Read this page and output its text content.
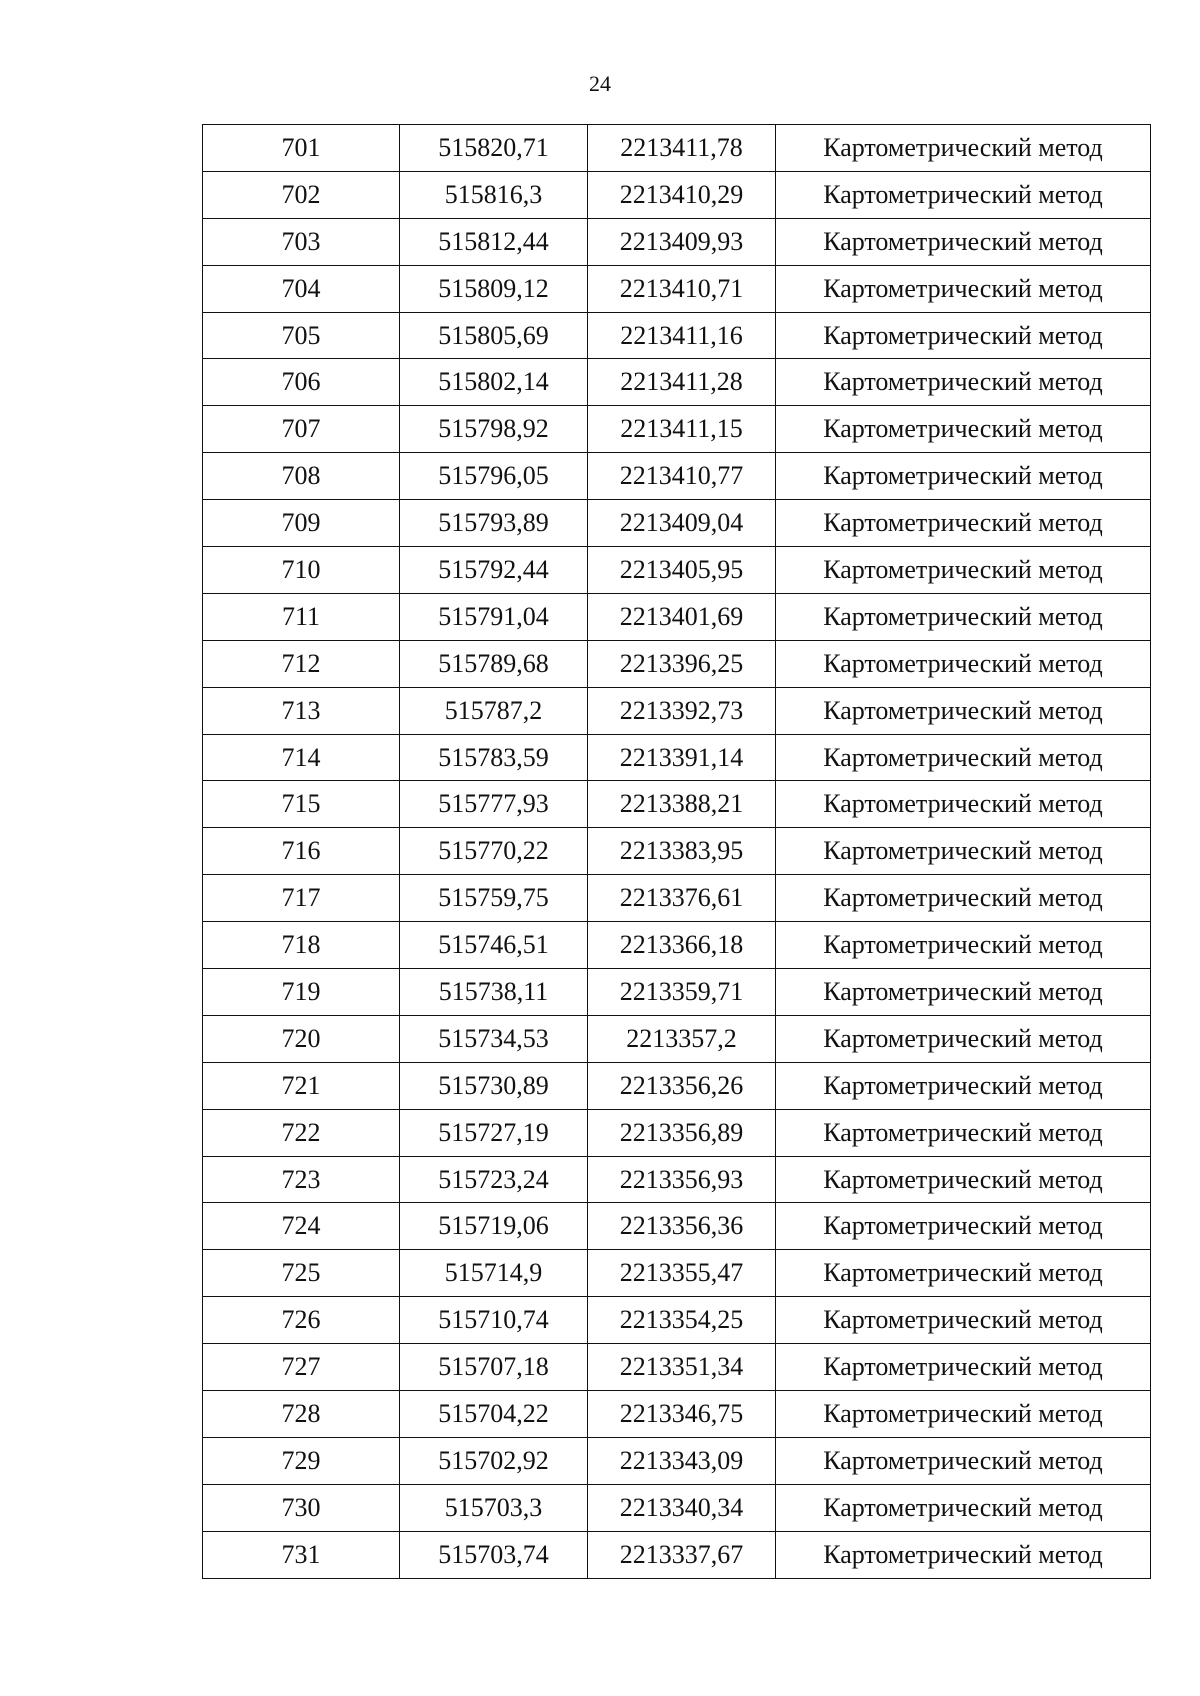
24
701	515820,71	2213411,78	Картометрический метод
702	515816,3	2213410,29	Картометрический метод
703	515812,44	2213409,93	Картометрический метод
704	515809,12	2213410,71	Картометрический метод
705	515805,69	2213411,16	Картометрический метод
706	515802,14	2213411,28	Картометрический метод
707	515798,92	2213411,15	Картометрический метод
708	515796,05	2213410,77	Картометрический метод
709	515793,89	2213409,04	Картометрический метод
710	515792,44	2213405,95	Картометрический метод
711	515791,04	2213401,69	Картометрический метод
712	515789,68	2213396,25	Картометрический метод
713	515787,2	2213392,73	Картометрический метод
714	515783,59	2213391,14	Картометрический метод
715	515777,93	2213388,21	Картометрический метод
716	515770,22	2213383,95	Картометрический метод
717	515759,75	2213376,61	Картометрический метод
718	515746,51	2213366,18	Картометрический метод
719	515738,11	2213359,71	Картометрический метод
720	515734,53	2213357,2	Картометрический метод
721	515730,89	2213356,26	Картометрический метод
722	515727,19	2213356,89	Картометрический метод
723	515723,24	2213356,93	Картометрический метод
724	515719,06	2213356,36	Картометрический метод
725	515714,9	2213355,47	Картометрический метод
726	515710,74	2213354,25	Картометрический метод
727	515707,18	2213351,34	Картометрический метод
728	515704,22	2213346,75	Картометрический метод
729	515702,92	2213343,09	Картометрический метод
730	515703,3	2213340,34	Картометрический метод
731	515703,74	2213337,67	Картометрический метод
